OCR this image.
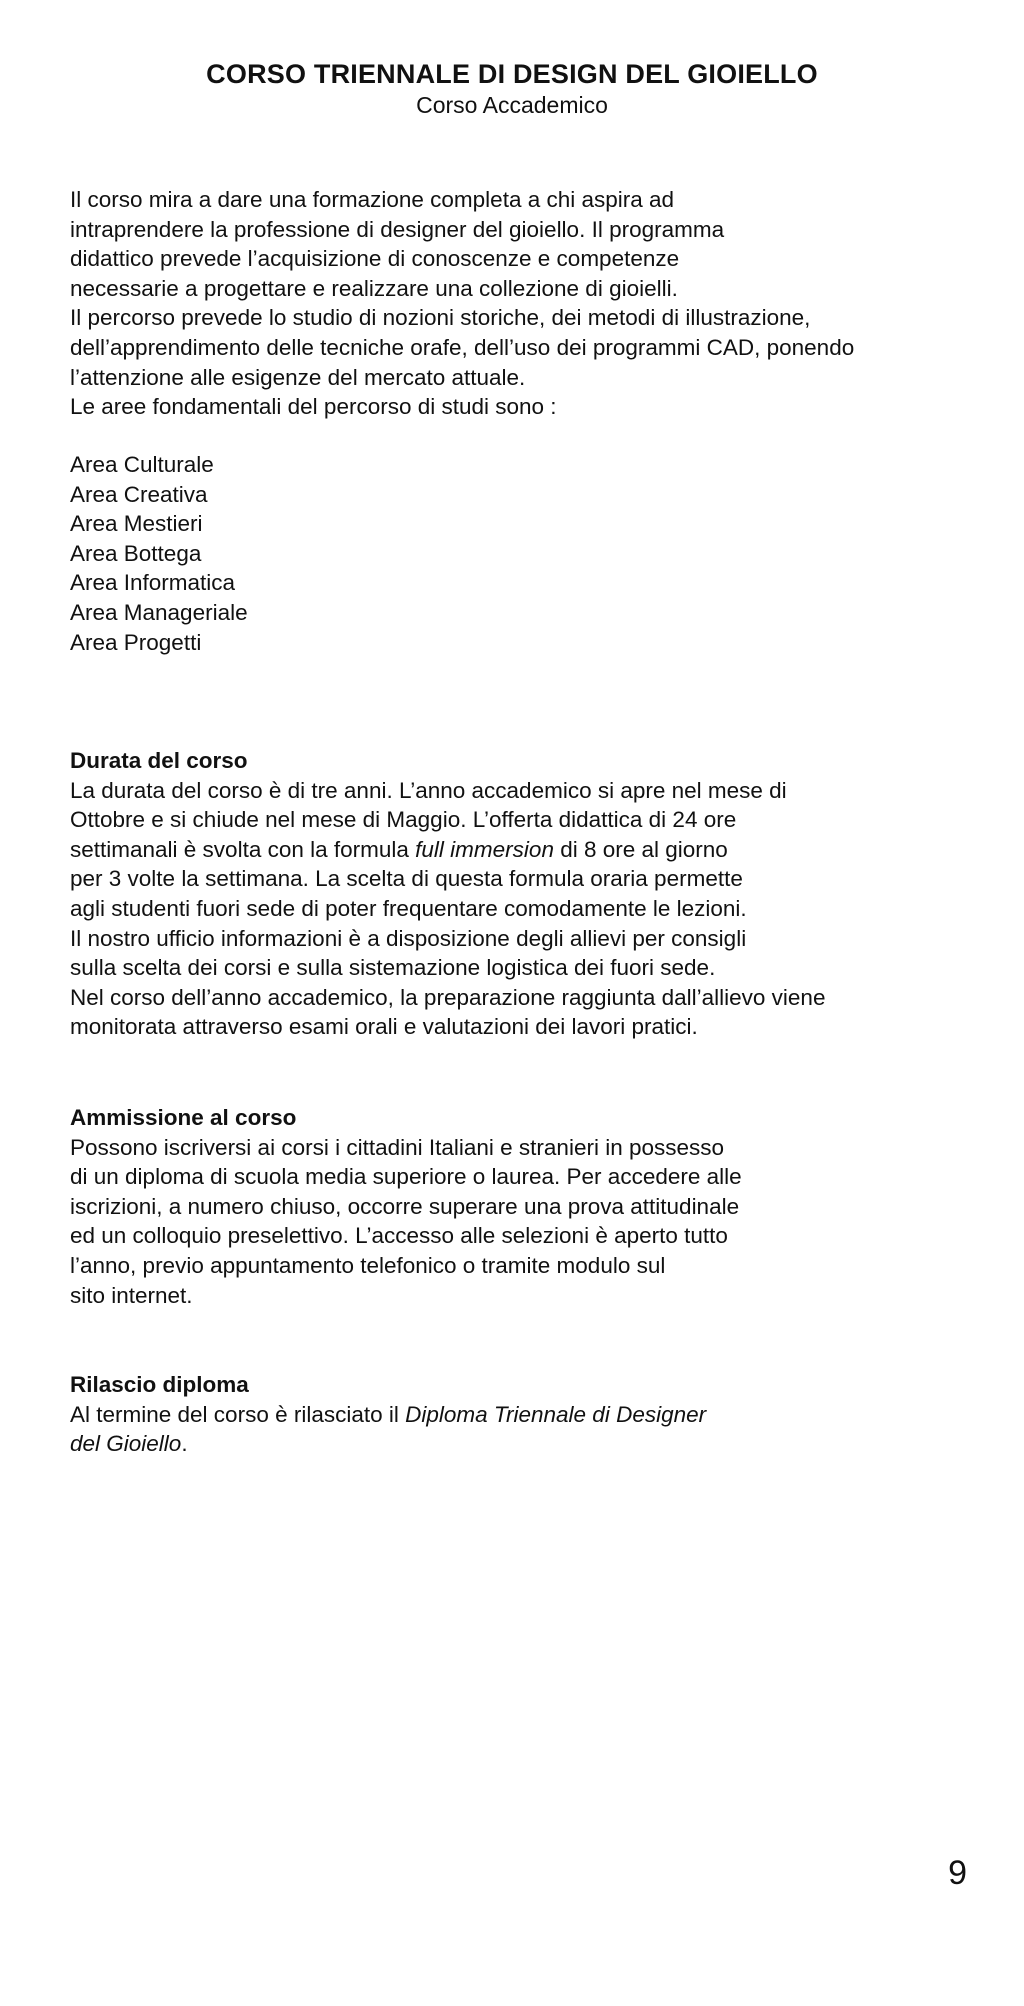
CORSO TRIENNALE DI DESIGN DEL GIOIELLO
Corso Accademico
Il corso mira a dare una formazione completa a chi aspira ad
intraprendere la professione di designer del gioiello. Il programma
didattico prevede l’acquisizione di conoscenze e competenze
necessarie a progettare e realizzare una collezione di gioielli.
Il percorso prevede lo studio di nozioni storiche, dei metodi di illustrazione,
dell’apprendimento delle tecniche orafe, dell’uso dei programmi CAD, ponendo
l’attenzione alle esigenze del mercato attuale.
Le aree fondamentali del percorso di studi sono :
Area Culturale
Area Creativa
Area Mestieri
Area Bottega
Area Informatica
Area Manageriale
Area Progetti
Durata del corso
La durata del corso è di tre anni. L’anno accademico si apre nel mese di
Ottobre e si chiude nel mese di Maggio. L’offerta didattica di 24 ore
settimanali è svolta con la formula full immersion di 8 ore al giorno
per 3 volte la settimana. La scelta di questa formula oraria permette
agli studenti fuori sede di poter frequentare comodamente le lezioni.
Il nostro ufficio informazioni è a disposizione degli allievi per consigli
sulla scelta dei corsi e sulla sistemazione logistica dei fuori sede.
Nel corso dell’anno accademico, la preparazione raggiunta dall’allievo viene
monitorata attraverso esami orali e valutazioni dei lavori pratici.
Ammissione al corso
Possono iscriversi ai corsi i cittadini Italiani e stranieri in possesso
di un diploma di scuola media superiore o laurea. Per accedere alle
iscrizioni, a numero chiuso, occorre superare una prova attitudinale
ed un colloquio preselettivo. L’accesso alle selezioni è aperto tutto
l’anno, previo appuntamento telefonico o tramite modulo sul
sito internet.
Rilascio diploma
Al termine del corso è rilasciato il Diploma Triennale di Designer
del Gioiello.
9
